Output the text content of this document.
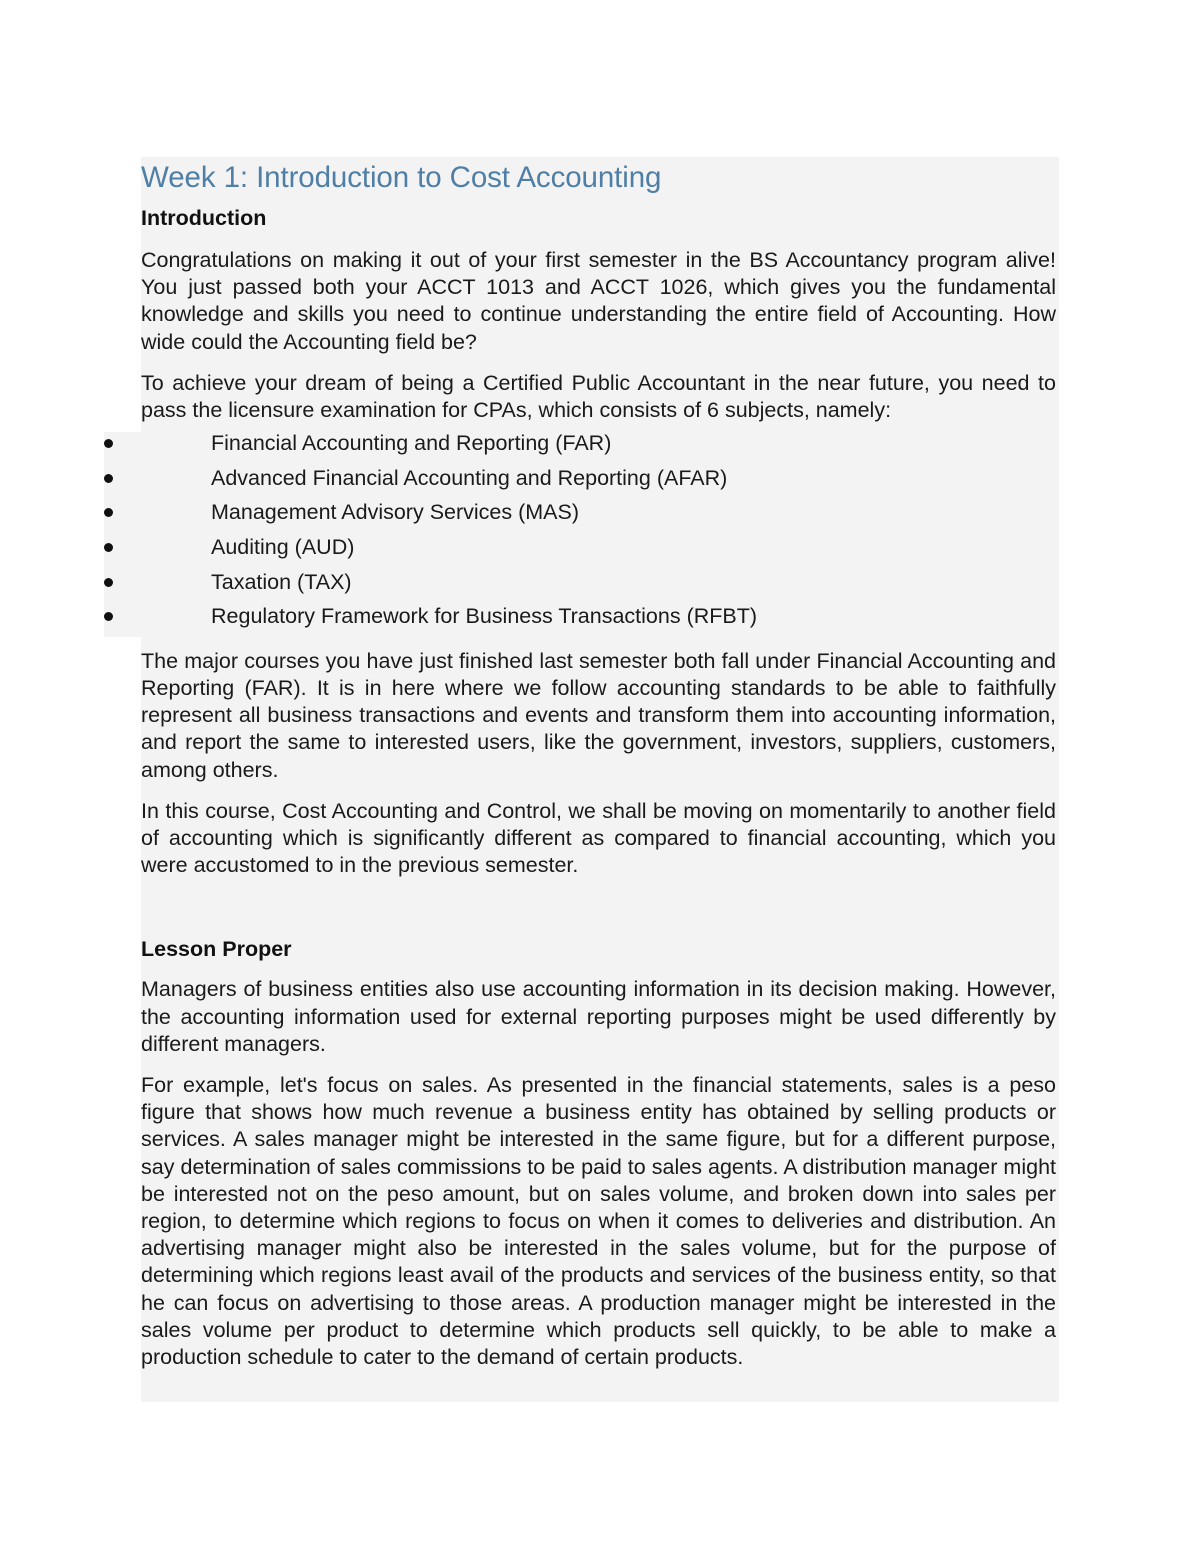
Week 1: Introduction to Cost Accounting
Introduction

Congratulations on making it out of your first semester in the BS Accountancy program alive! You just passed both your ACCT 1013 and ACCT 1026, which gives you the fundamental knowledge and skills you need to continue understanding the entire field of Accounting. How wide could the Accounting field be?

To achieve your dream of being a Certified Public Accountant in the near future, you need to pass the licensure examination for CPAs, which consists of 6 subjects, namely:

Financial Accounting and Reporting (FAR)
Advanced Financial Accounting and Reporting (AFAR)
Management Advisory Services (MAS)
Auditing (AUD)
Taxation (TAX)
Regulatory Framework for Business Transactions (RFBT)

The major courses you have just finished last semester both fall under Financial Accounting and Reporting (FAR). It is in here where we follow accounting standards to be able to faithfully represent all business transactions and events and transform them into accounting information, and report the same to interested users, like the government, investors, suppliers, customers, among others.

In this course, Cost Accounting and Control, we shall be moving on momentarily to another field of accounting which is significantly different as compared to financial accounting, which you were accustomed to in the previous semester.

Lesson Proper

Managers of business entities also use accounting information in its decision making. However, the accounting information used for external reporting purposes might be used differently by different managers.

For example, let's focus on sales. As presented in the financial statements, sales is a peso figure that shows how much revenue a business entity has obtained by selling products or services. A sales manager might be interested in the same figure, but for a different purpose, say determination of sales commissions to be paid to sales agents. A distribution manager might be interested not on the peso amount, but on sales volume, and broken down into sales per region, to determine which regions to focus on when it comes to deliveries and distribution. An advertising manager might also be interested in the sales volume, but for the purpose of determining which regions least avail of the products and services of the business entity, so that he can focus on advertising to those areas. A production manager might be interested in the sales volume per product to determine which products sell quickly, to be able to make a production schedule to cater to the demand of certain products.
